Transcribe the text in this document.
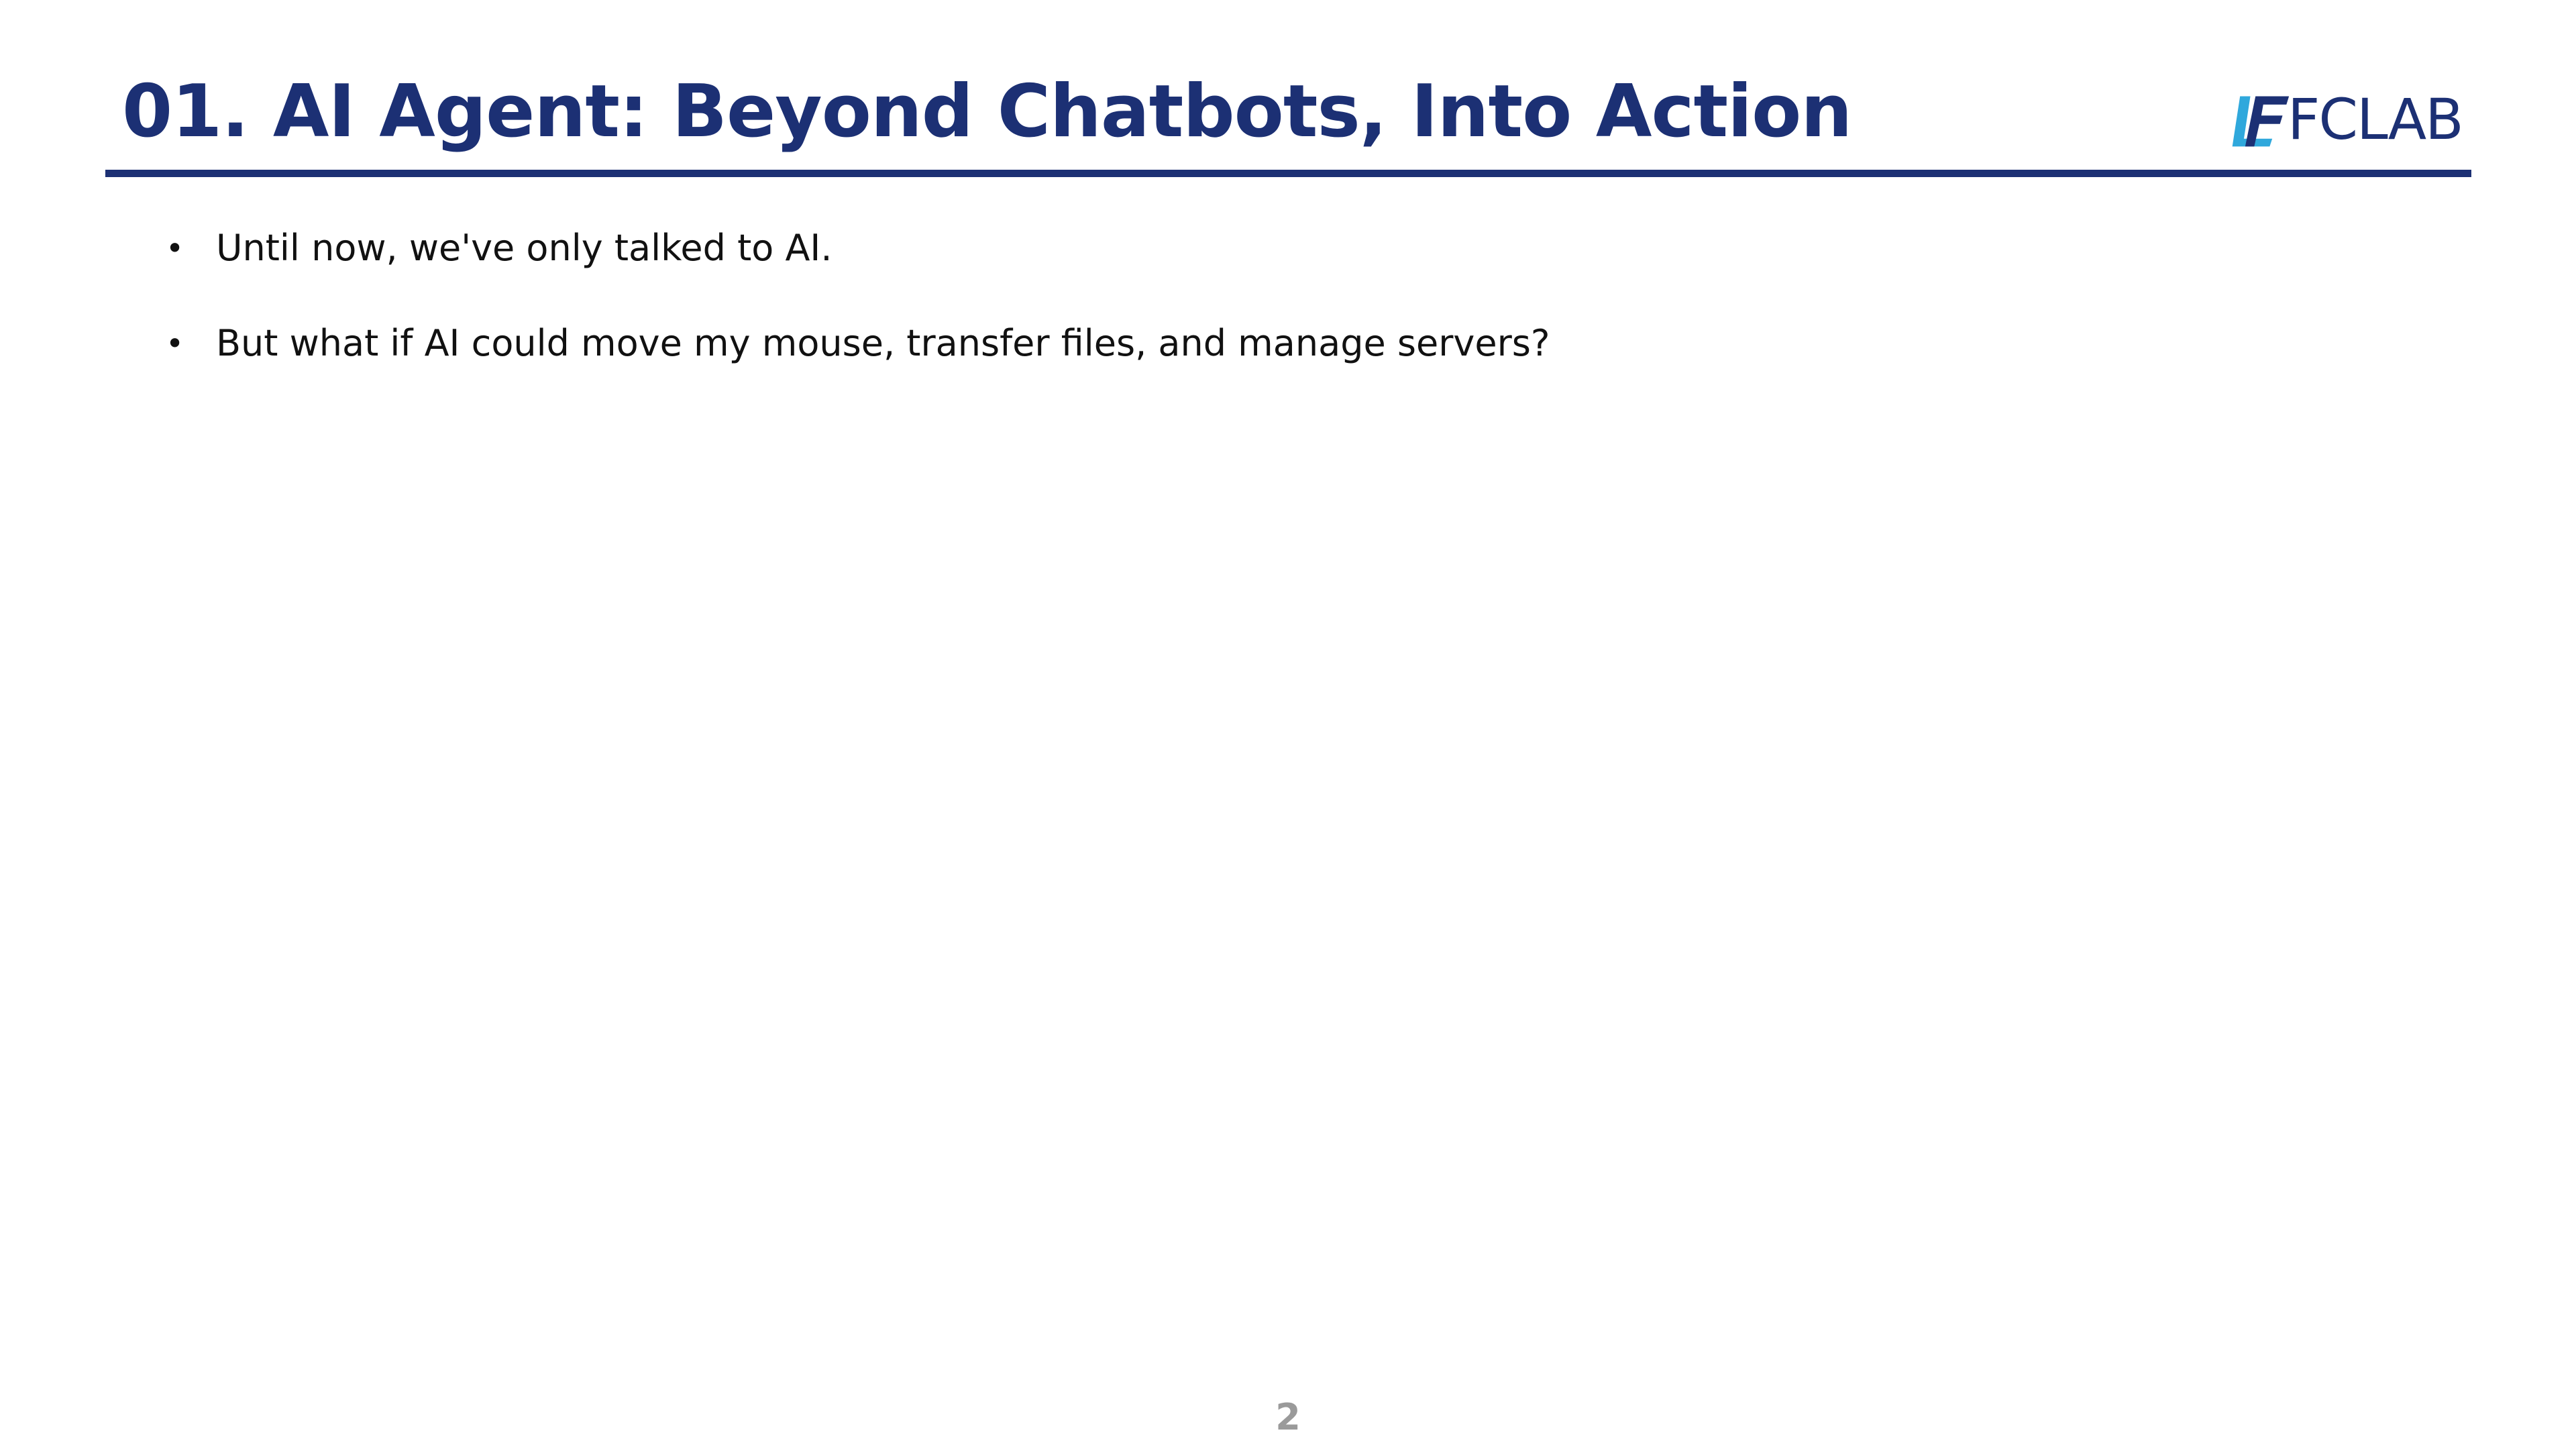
01. AI Agent: Beyond Chatbots, Into Action	FCLAB
• Until now, we've only talked to AI.
• But what if AI could move my mouse, transfer files, and manage servers?
2
